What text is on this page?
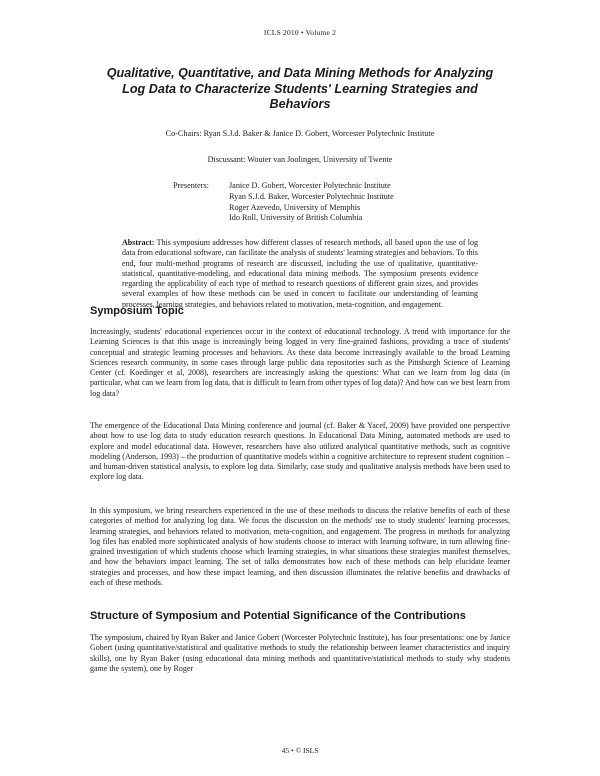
ICLS 2010 • Volume 2
Qualitative, Quantitative, and Data Mining Methods for Analyzing Log Data to Characterize Students' Learning Strategies and Behaviors
Co-Chairs: Ryan S.J.d. Baker & Janice D. Gobert, Worcester Polytechnic Institute
Discussant: Wouter van Joolingen, University of Twente
Presenters:	Janice D. Gobert, Worcester Polytechnic Institute
Ryan S.J.d. Baker, Worcester Polytechnic Institute
Roger Azevedo, University of Memphis
Ido Roll, University of British Columbia

Abstract: This symposium addresses how different classes of research methods, all based upon the use of log data from educational software, can facilitate the analysis of students' learning strategies and behaviors. To this end, four multi-method programs of research are discussed, including the use of qualitative, quantitative-statistical, quantitative-modeling, and educational data mining methods. The symposium presents evidence regarding the applicability of each type of method to research questions of different grain sizes, and provides several examples of how these methods can be used in concert to facilitate our understanding of learning processes, learning strategies, and behaviors related to motivation, meta-cognition, and engagement.

Symposium Topic

Increasingly, students' educational experiences occur in the context of educational technology. A trend with importance for the Learning Sciences is that this usage is increasingly being logged in very fine-grained fashions, providing a trace of students' conceptual and strategic learning processes and behaviors. As these data become increasingly available to the broad Learning Sciences research community, in some cases through large public data repositories such as the Pittsburgh Science of Learning Center (cf. Koedinger et al, 2008), researchers are increasingly asking the questions: What can we learn from log data (in particular, what can we learn from log data, that is difficult to learn from other types of log data)? And how can we best learn from log data?

The emergence of the Educational Data Mining conference and journal (cf. Baker & Yacef, 2009) have provided one perspective about how to use log data to study education research questions. In Educational Data Mining, automated methods are used to explore and model educational data. However, researchers have also utilized analytical quantitative methods, such as cognitive modeling (Anderson, 1993) – the production of quantitative models within a cognitive architecture to represent student cognition – and human-driven statistical analysis, to explore log data. Similarly, case study and qualitative analysis methods have been used to explore log data.

In this symposium, we bring researchers experienced in the use of these methods to discuss the relative benefits of each of these categories of method for analyzing log data. We focus the discussion on the methods' use to study students' learning processes, learning strategies, and behaviors related to motivation, meta-cognition, and engagement. The progress in methods for analyzing log files has enabled more sophisticated analysis of how students choose to interact with learning software, in turn allowing fine-grained investigation of which students choose which learning strategies, in what situations these strategies manifest themselves, and how the behaviors impact learning. The set of talks demonstrates how each of these methods can help elucidate learner strategies and processes, and how these impact learning, and then discussion illuminates the relative benefits and drawbacks of each of these methods.

Structure of Symposium and Potential Significance of the Contributions

The symposium, chaired by Ryan Baker and Janice Gobert (Worcester Polytechnic Institute), has four presentations: one by Janice Gobert (using quantitative/statistical and qualitative methods to study the relationship between learner characteristics and inquiry skills), one by Ryan Baker (using educational data mining methods and quantitative/statistical methods to study why students game the system), one by Roger

45 • © ISLS
